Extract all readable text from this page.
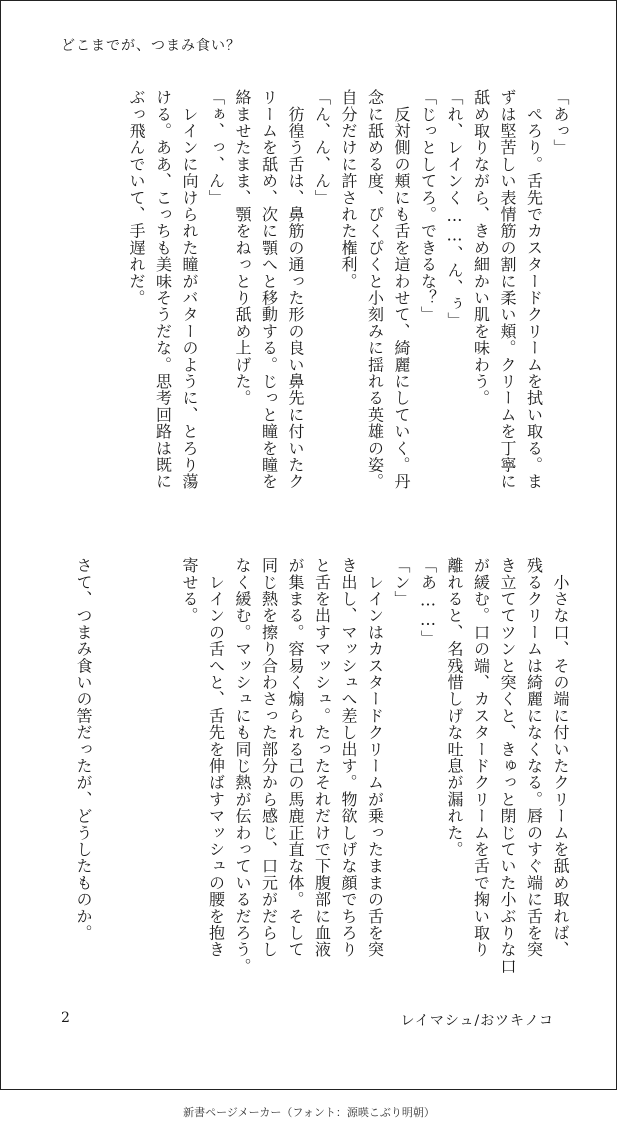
どこまでが、つまみ食い？
「あっ」
　ぺろり。舌先でカスタードクリームを拭い取る。ま
ずは堅苦しい表情筋の割に柔い頬。クリームを丁寧に
舐め取りながら、きめ細かい肌を味わう。
「れ、レインく……、ん、ぅ」
「じっとしてろ。できるな？」
　反対側の頬にも舌を這わせて、綺麗にしていく。丹
念に舐める度、ぴくぴくと小刻みに揺れる英雄の姿。
自分だけに許された権利。
「ん、ん、ん」
　彷徨う舌は、鼻筋の通った形の良い鼻先に付いたク
リームを舐め、次に顎へと移動する。じっと瞳を瞳を
絡ませたまま、顎をねっとり舐め上げた。
「ぁ、っ、ん」
　レインに向けられた瞳がバターのように、とろり蕩
ける。ああ、こっちも美味そうだな。思考回路は既に
ぶっ飛んでいて、手遅れだ。
　小さな口、その端に付いたクリームを舐め取れば、
残るクリームは綺麗になくなる。唇のすぐ端に舌を突
き立ててツンと突くと、きゅっと閉じていた小ぶりな口
が緩む。口の端、カスタードクリームを舌で掬い取り
離れると、名残惜しげな吐息が漏れた。
「あ……」
「ン」
　レインはカスタードクリームが乗ったままの舌を突
き出し、マッシュへ差し出す。物欲しげな顔でちろり
と舌を出すマッシュ。たったそれだけで下腹部に血液
が集まる。容易く煽られる己の馬鹿正直な体。そして
同じ熱を擦り合わさった部分から感じ、口元がだらし
なく緩む。マッシュにも同じ熱が伝わっているだろう。
　レインの舌へと、舌先を伸ばすマッシュの腰を抱き
寄せる。
さて、つまみ食いの筈だったが、どうしたものか。
2	レイマシュ/おツキノコ
新書ページメーカー（フォント：源暎こぶり明朝）
